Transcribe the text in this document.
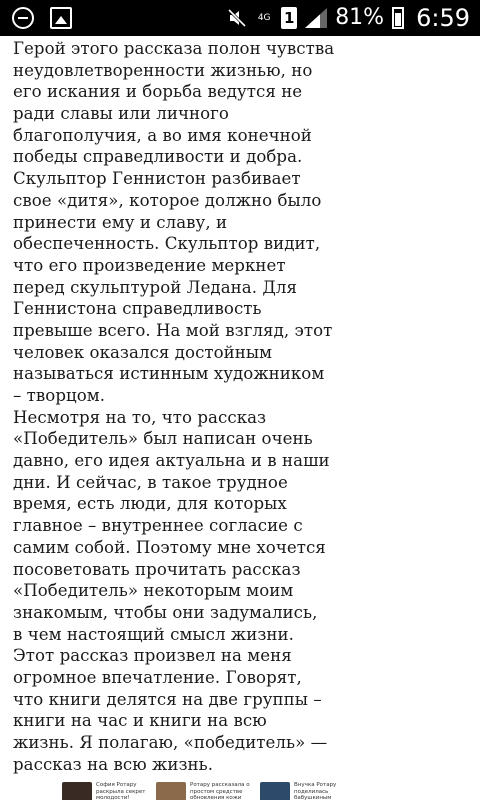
4G 1 81% 6:59
Герой этого рассказа полон чувства
неудовлетворенности жизнью, но
его искания и борьба ведутся не
ради славы или личного
благополучия, а во имя конечной
победы справедливости и добра.
Скульптор Геннистон разбивает
свое «дитя», которое должно было
принести ему и славу, и
обеспеченность. Скульптор видит,
что его произведение меркнет
перед скульптурой Ледана. Для
Геннистона справедливость
превыше всего. На мой взгляд, этот
человек оказался достойным
называться истинным художником
– творцом.
Несмотря на то, что рассказ
«Победитель» был написан очень
давно, его идея актуальна и в наши
дни. И сейчас, в такое трудное
время, есть люди, для которых
главное – внутреннее согласие с
самим собой. Поэтому мне хочется
посоветовать прочитать рассказ
«Победитель» некоторым моим
знакомым, чтобы они задумались,
в чем настоящий смысл жизни.
Этот рассказ произвел на меня
огромное впечатление. Говорят,
что книги делятся на две группы –
книги на час и книги на всю
жизнь. Я полагаю, «победитель» —
рассказ на всю жизнь.
София Ротару
раскрыла секрет
молодости!
Ротару рассказала о
простом средстве
обновления кожи
Внучка Ротару
поделилась
бабушкиным
